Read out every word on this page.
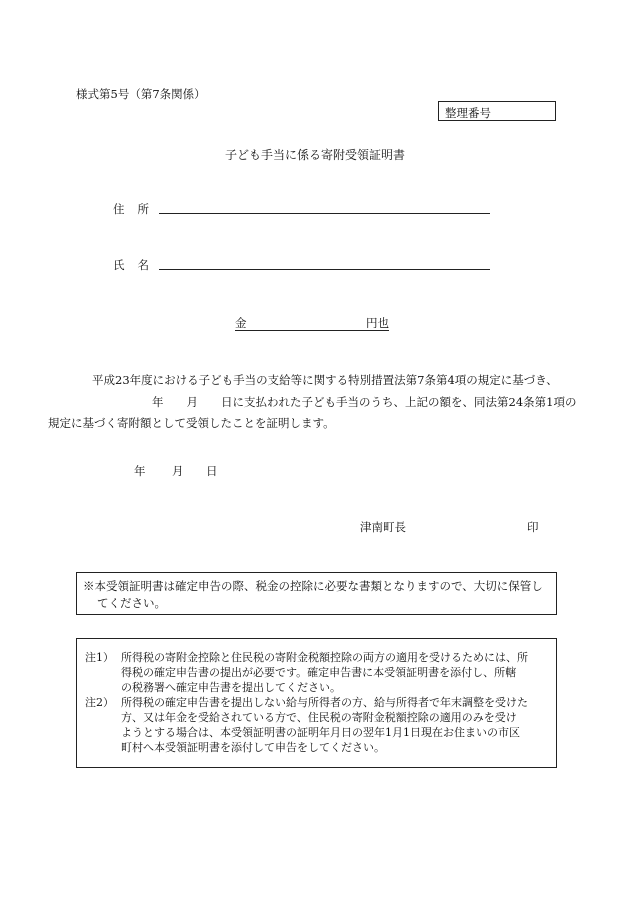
様式第5号（第7条関係）
整理番号
子ども手当に係る寄附受領証明書
住 所
氏 名
金	円也

平成23年度における子ども手当の支給等に関する特別措置法第7条第4項の規定に基づき、

年　　月　　日に支払われた子ども手当のうち、上記の額を、同法第24条第1項の

規定に基づく寄附額として受領したことを証明します。

年 月 日
津南町長	印

※本受領証明書は確定申告の際、税金の控除に必要な書類となりますので、大切に保管し

てください。

注1） 所得税の寄附金控除と住民税の寄附金税額控除の両方の適用を受けるためには、所

得税の確定申告書の提出が必要です。確定申告書に本受領証明書を添付し、所轄

の税務署へ確定申告書を提出してください。

注2） 所得税の確定申告書を提出しない給与所得者の方、給与所得者で年末調整を受けた

方、又は年金を受給されている方で、住民税の寄附金税額控除の適用のみを受け

ようとする場合は、本受領証明書の証明年月日の翌年1月1日現在お住まいの市区

町村へ本受領証明書を添付して申告をしてください。
